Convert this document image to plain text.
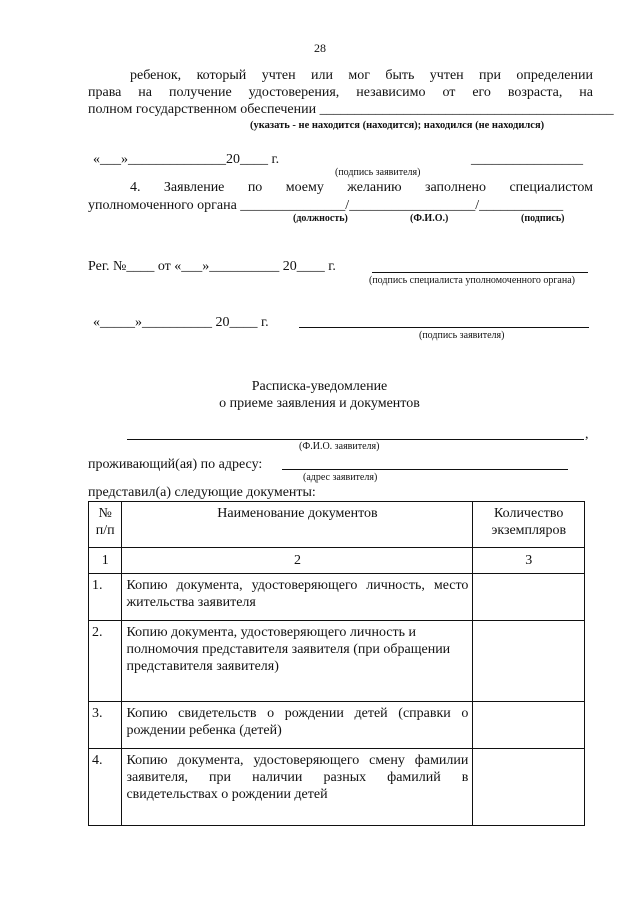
28
ребенок, который учтен или мог быть учтен при определении
права на получение удостоверения, независимо от его возраста, на
полном государственном обеспечении __________________________________________
(указать - не находится (находится); находился (не находился)
«___»______________20____ г.	________________
(подпись заявителя)
4. Заявление по моему желанию заполнено специалистом
уполномоченного органа _______________/__________________/____________
(должность)	(Ф.И.О.)	(подпись)
Рег. №____ от «___»__________ 20____ г.
(подпись специалиста уполномоченного органа)
«_____»__________ 20____ г.
(подпись заявителя)
Расписка-уведомление
о приеме заявления и документов
,
(Ф.И.О. заявителя)
проживающий(ая) по адресу:
(адрес заявителя)
представил(а) следующие документы:
№ п/п	Наименование документов	Количество экземпляров
1	2	3
1.	Копию документа, удостоверяющего личность, место жительства заявителя	
2.	Копию документа, удостоверяющего личность и полномочия представителя заявителя (при обращении представителя заявителя)	
3.	Копию свидетельств о рождении детей (справки о рождении ребенка (детей)	
4.	Копию документа, удостоверяющего смену фамилии заявителя, при наличии разных фамилий в свидетельствах о рождении детей	
